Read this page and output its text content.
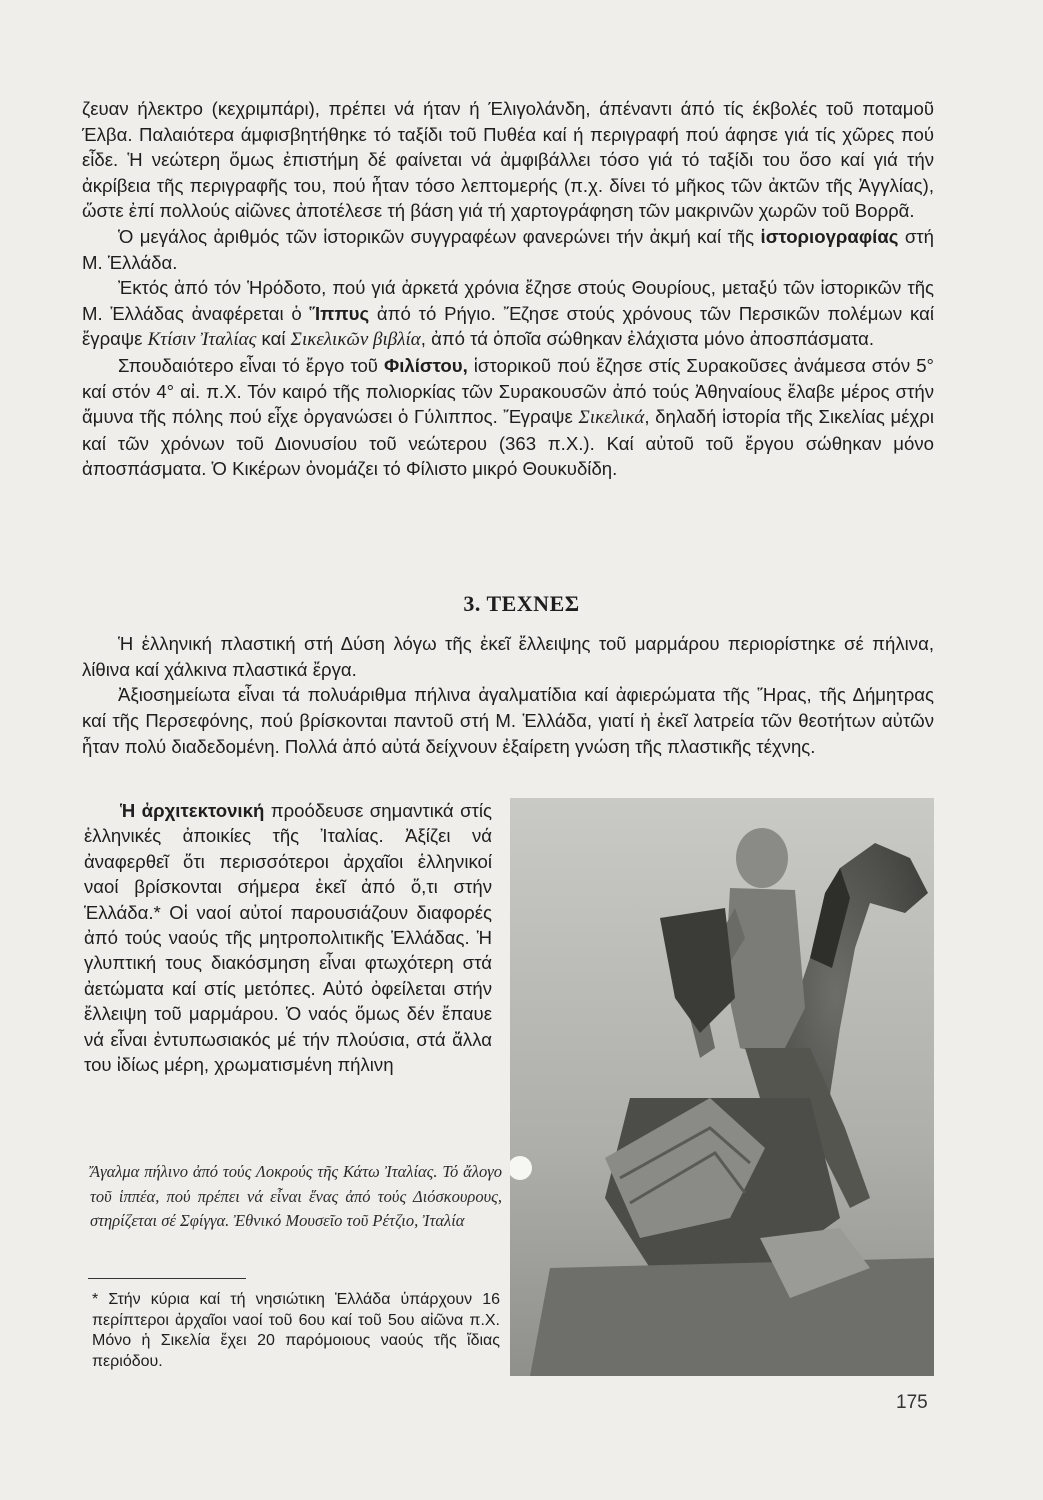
ζευαν ήλεκτρο (κεχριμπάρι), πρέπει νά ήταν ή Έλιγολάνδη, άπέναντι άπό τίς έκβολές τοῦ ποταμοῦ Έλβα. Παλαιότερα άμφισβητήθηκε τό ταξίδι τοῦ Πυθέα καί ή περιγραφή πού άφησε γιά τίς χῶρες πού εἶδε. Ἡ νεώτερη ὅμως ἐπιστήμη δέ φαίνεται νά ἀμφιβάλλει τόσο γιά τό ταξίδι του ὅσο καί γιά τήν ἀκρίβεια τῆς περιγραφῆς του, πού ἦταν τόσο λεπτομερής (π.χ. δίνει τό μῆκος τῶν ἀκτῶν τῆς Ἀγγλίας), ὥστε ἐπί πολλούς αἰῶνες ἀποτέλεσε τή βάση γιά τή χαρτογράφηση τῶν μακρινῶν χωρῶν τοῦ Βορρᾶ.

Ὁ μεγάλος ἀριθμός τῶν ἱστορικῶν συγγραφέων φανερώνει τήν ἀκμή καί τῆς ἱστοριογραφίας στή Μ. Ἑλλάδα.

Ἐκτός ἀπό τόν Ἡρόδοτο, πού γιά ἀρκετά χρόνια ἔζησε στούς Θουρίους, μεταξύ τῶν ἱστορικῶν τῆς Μ. Ἑλλάδας ἀναφέρεται ὁ Ἵππυς ἀπό τό Ρήγιο. Ἔζησε στούς χρόνους τῶν Περσικῶν πολέμων καί ἔγραψε Κτίσιν Ἰταλίας καί Σικελικῶν βιβλία, ἀπό τά ὁποῖα σώθηκαν ἐλάχιστα μόνο ἀποσπάσματα.

Σπουδαιότερο εἶναι τό ἔργο τοῦ Φιλίστου, ἱστορικοῦ πού ἔζησε στίς Συρακοῦσες ἀνάμεσα στόν 5° καί στόν 4° αἰ. π.Χ. Τόν καιρό τῆς πολιορκίας τῶν Συρακουσῶν ἀπό τούς Ἀθηναίους ἔλαβε μέρος στήν ἄμυνα τῆς πόλης πού εἶχε ὀργανώσει ὁ Γύλιππος. Ἔγραψε Σικελικά, δηλαδή ἱστορία τῆς Σικελίας μέχρι καί τῶν χρόνων τοῦ Διονυσίου τοῦ νεώτερου (363 π.Χ.). Καί αὐτοῦ τοῦ ἔργου σώθηκαν μόνο ἀποσπάσματα. Ὁ Κικέρων ὀνομάζει τό Φίλιστο μικρό Θουκυδίδη.

3. ΤΕΧΝΕΣ

Ἡ ἑλληνική πλαστική στή Δύση λόγω τῆς ἐκεῖ ἔλλειψης τοῦ μαρμάρου περιορίστηκε σέ πήλινα, λίθινα καί χάλκινα πλαστικά ἔργα.

Ἀξιοσημείωτα εἶναι τά πολυάριθμα πήλινα ἀγαλματίδια καί ἀφιερώματα τῆς Ἥρας, τῆς Δήμητρας καί τῆς Περσεφόνης, πού βρίσκονται παντοῦ στή Μ. Ἑλλάδα, γιατί ἡ ἐκεῖ λατρεία τῶν θεοτήτων αὐτῶν ἦταν πολύ διαδεδομένη. Πολλά ἀπό αὐτά δείχνουν ἐξαίρετη γνώση τῆς πλαστικῆς τέχνης.

Ἡ ἀρχιτεκτονική προόδευσε σημαντικά στίς ἑλληνικές ἀποικίες τῆς Ἰταλίας. Ἀξίζει νά ἀναφερθεῖ ὅτι περισσότεροι ἀρχαῖοι ἑλληνικοί ναοί βρίσκονται σήμερα ἐκεῖ ἀπό ὅ,τι στήν Ἑλλάδα.* Οἱ ναοί αὐτοί παρουσιάζουν διαφορές ἀπό τούς ναούς τῆς μητροπολιτικῆς Ἑλλάδας. Ἡ γλυπτική τους διακόσμηση εἶναι φτωχότερη στά ἀετώματα καί στίς μετόπες. Αὐτό ὀφείλεται στήν ἔλλειψη τοῦ μαρμάρου. Ὁ ναός ὅμως δέν ἔπαυε νά εἶναι ἐντυπωσιακός μέ τήν πλούσια, στά ἄλλα του ἰδίως μέρη, χρωματισμένη πήλινη

Ἄγαλμα πήλινο ἀπό τούς Λοκρούς τῆς Κάτω Ἰταλίας. Τό ἄλογο τοῦ ἱππέα, πού πρέπει νά εἶναι ἕνας ἀπό τούς Διόσκουρους, στηρίζεται σέ Σφίγγα. Ἐθνικό Μουσεῖο τοῦ Ρέτζιο, Ἰταλία
* Στήν κύρια καί τή νησιώτικη Ἑλλάδα ὑπάρχουν 16 περίπτεροι ἀρχαῖοι ναοί τοῦ 6ου καί τοῦ 5ου αἰῶνα π.Χ. Μόνο ἡ Σικελία ἔχει 20 παρόμοιους ναούς τῆς ἴδιας περιόδου.
175
